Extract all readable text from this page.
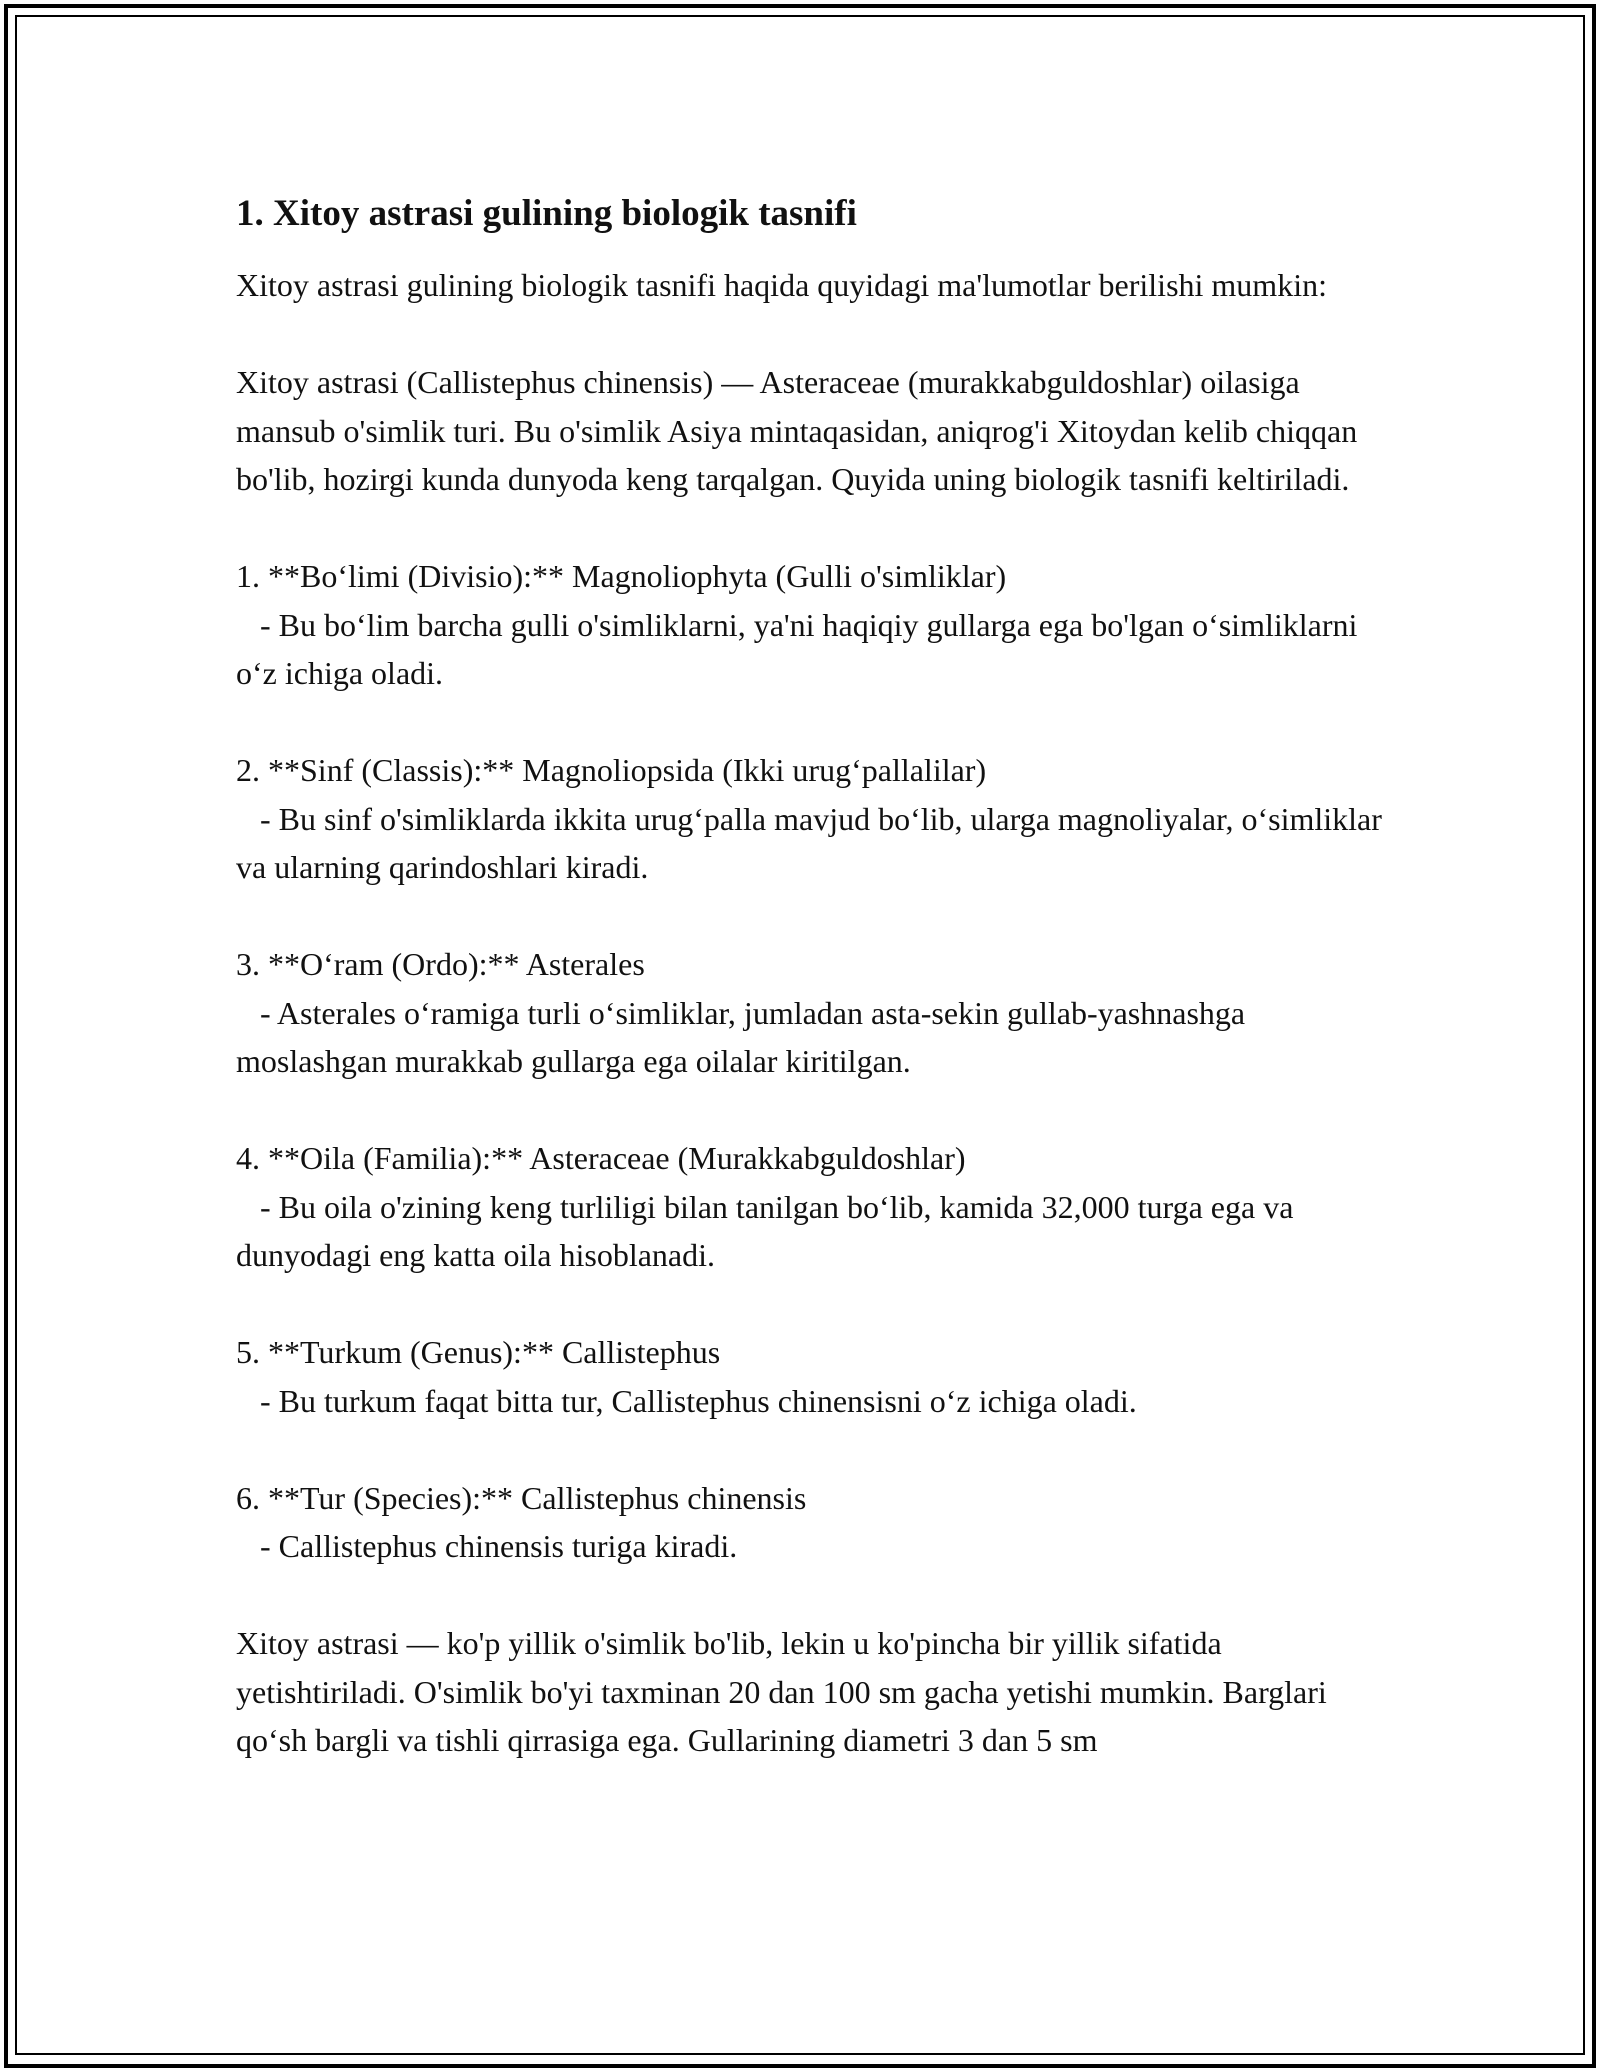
1. Xitoy astrasi gulining biologik tasnifi

Xitoy astrasi gulining biologik tasnifi haqida quyidagi ma'lumotlar berilishi mumkin:

Xitoy astrasi (Callistephus chinensis) — Asteraceae (murakkabguldoshlar) oilasiga mansub o'simlik turi. Bu o'simlik Asiya mintaqasidan, aniqrog'i Xitoydan kelib chiqqan bo'lib, hozirgi kunda dunyoda keng tarqalgan. Quyida uning biologik tasnifi keltiriladi.

1. **Boʻlimi (Divisio):** Magnoliophyta (Gulli o'simliklar)

- Bu boʻlim barcha gulli o'simliklarni, ya'ni haqiqiy gullarga ega bo'lgan oʻsimliklarni oʻz ichiga oladi.

2. **Sinf (Classis):** Magnoliopsida (Ikki urugʻpallalilar)

- Bu sinf o'simliklarda ikkita urugʻpalla mavjud boʻlib, ularga magnoliyalar, oʻsimliklar va ularning qarindoshlari kiradi.

3. **Oʻram (Ordo):** Asterales

- Asterales oʻramiga turli oʻsimliklar, jumladan asta-sekin gullab-yashnashga moslashgan murakkab gullarga ega oilalar kiritilgan.

4. **Oila (Familia):** Asteraceae (Murakkabguldoshlar)

- Bu oila o'zining keng turliligi bilan tanilgan boʻlib, kamida 32,000 turga ega va dunyodagi eng katta oila hisoblanadi.

5. **Turkum (Genus):** Callistephus

- Bu turkum faqat bitta tur, Callistephus chinensisni oʻz ichiga oladi.

6. **Tur (Species):** Callistephus chinensis

- Callistephus chinensis turiga kiradi.

Xitoy astrasi — ko'p yillik o'simlik bo'lib, lekin u ko'pincha bir yillik sifatida yetishtiriladi. O'simlik bo'yi taxminan 20 dan 100 sm gacha yetishi mumkin. Barglari qoʻsh bargli va tishli qirrasiga ega. Gullarining diametri 3 dan 5 sm
